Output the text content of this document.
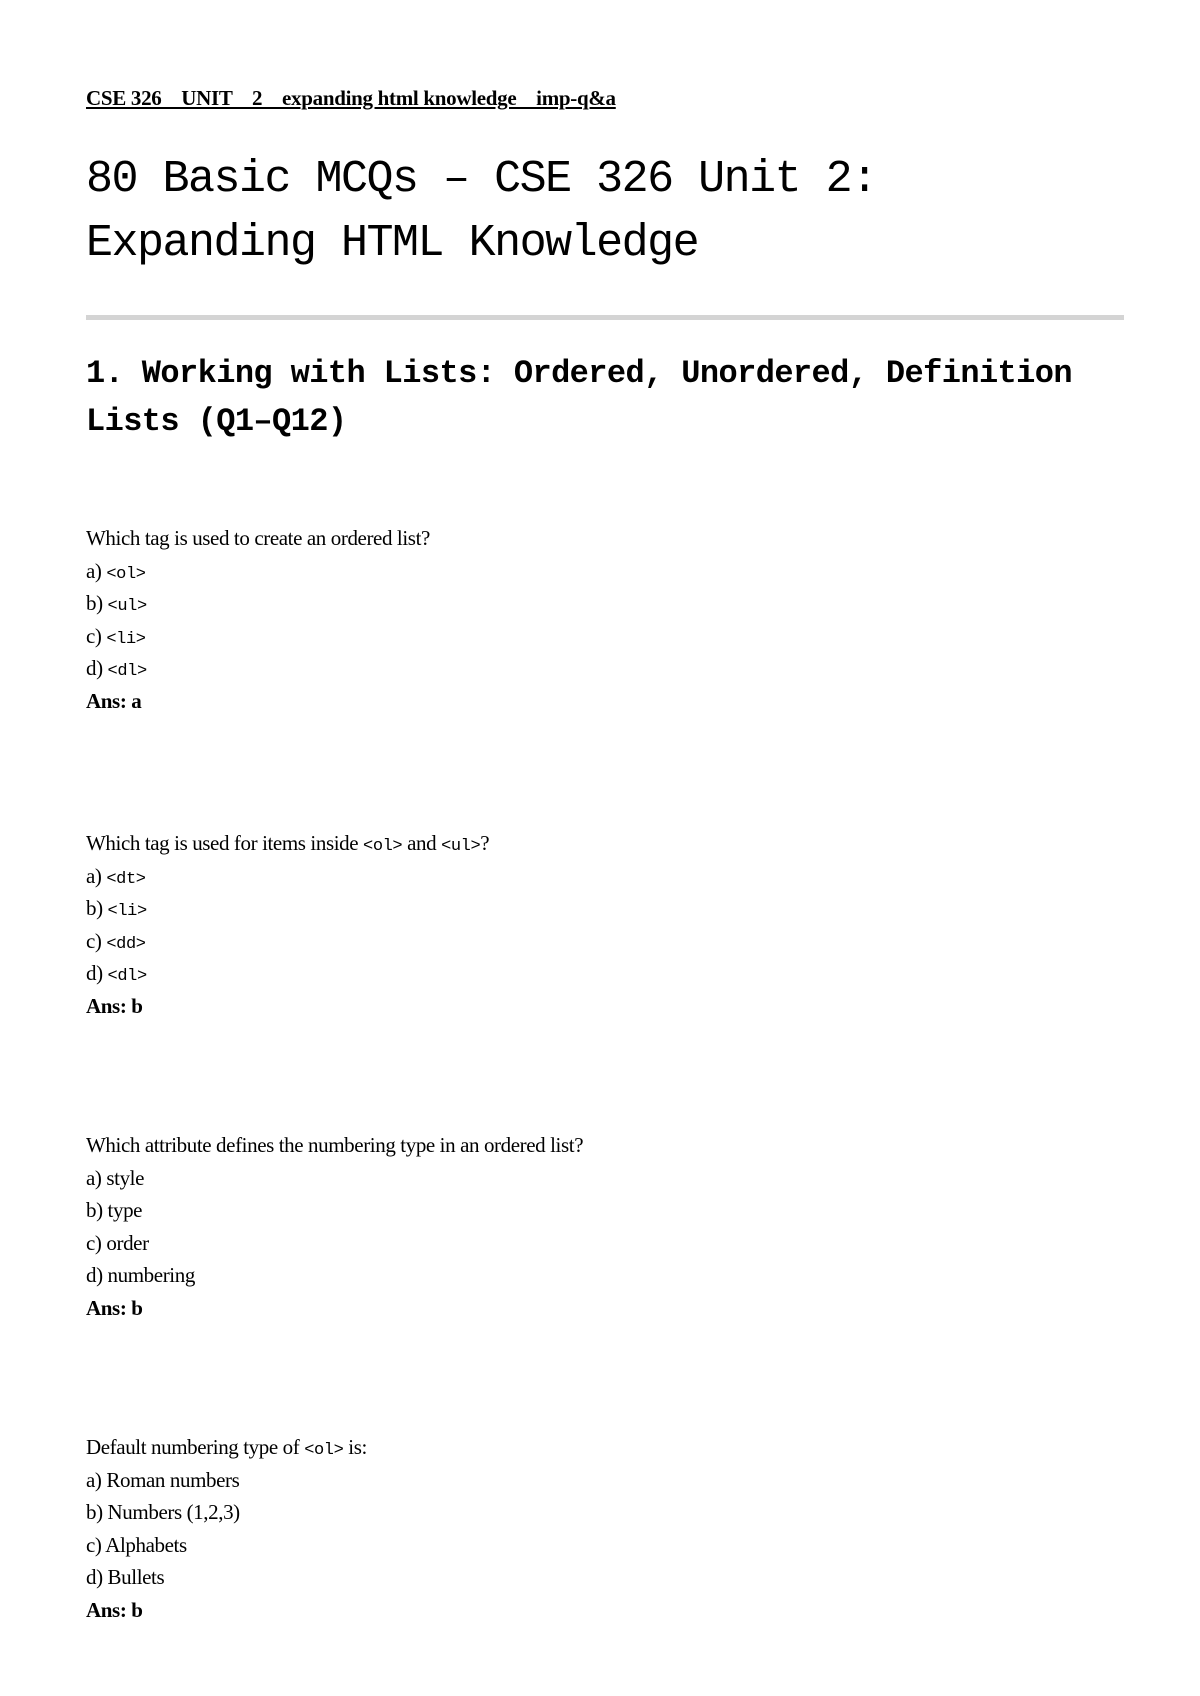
CSE 326    UNIT    2    expanding html knowledge    imp-q&a
80 Basic MCQs – CSE 326 Unit 2: Expanding HTML Knowledge
1. Working with Lists: Ordered, Unordered, Definition Lists (Q1–Q12)
Which tag is used to create an ordered list?
a) <ol>
b) <ul>
c) <li>
d) <dl>
Ans: a
Which tag is used for items inside <ol> and <ul>?
a) <dt>
b) <li>
c) <dd>
d) <dl>
Ans: b
Which attribute defines the numbering type in an ordered list?
a) style
b) type
c) order
d) numbering
Ans: b
Default numbering type of <ol> is:
a) Roman numbers
b) Numbers (1,2,3)
c) Alphabets
d) Bullets
Ans: b
